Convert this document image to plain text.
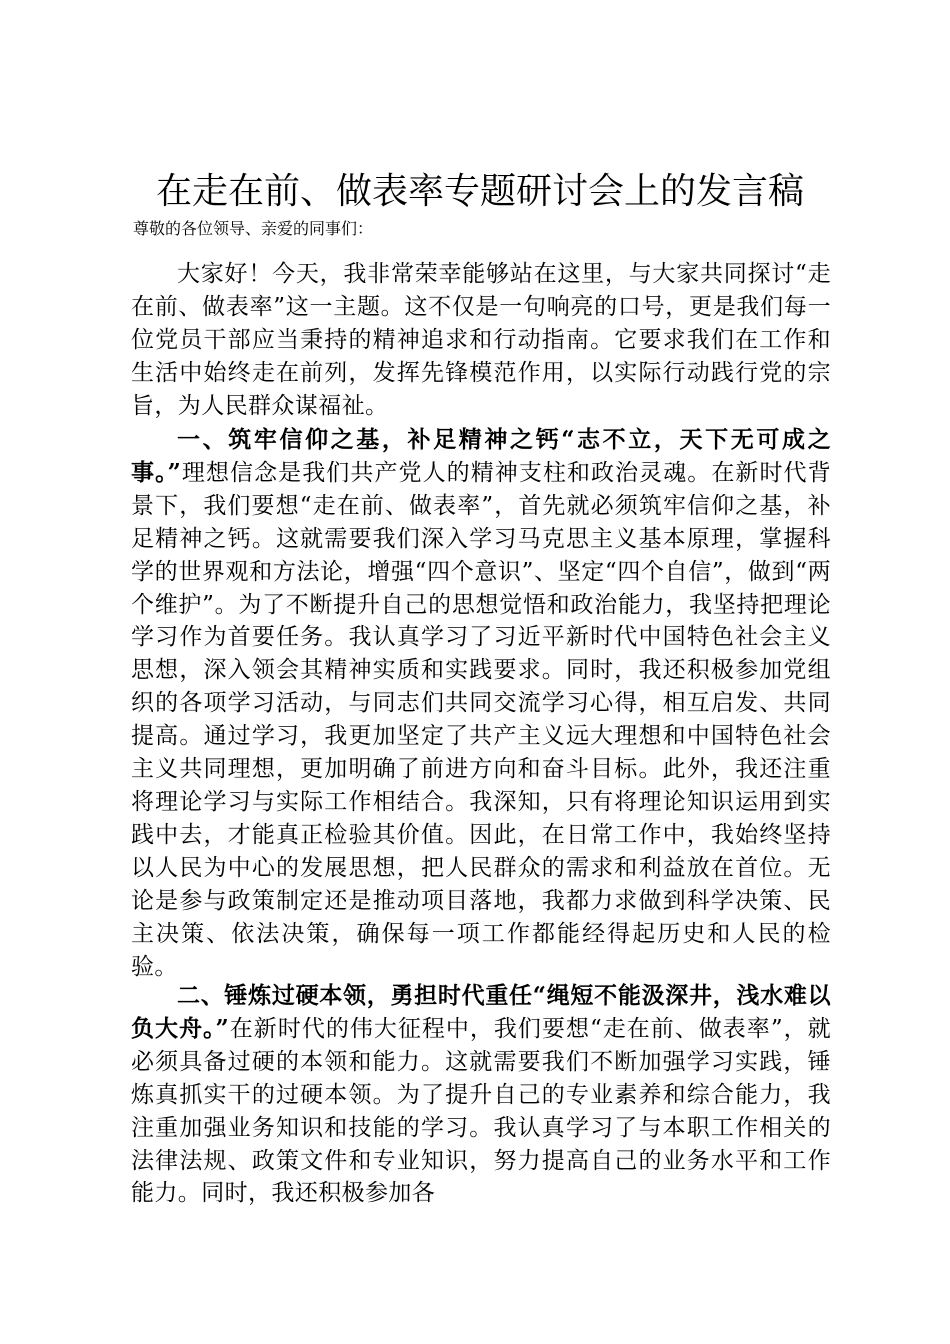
在走在前、做表率专题研讨会上的发言稿
尊敬的各位领导、亲爱的同事们：
大家好！今天，我非常荣幸能够站在这里，与大家共同探讨“走在前、做表率”这一主题。这不仅是一句响亮的口号，更是我们每一位党员干部应当秉持的精神追求和行动指南。它要求我们在工作和生活中始终走在前列，发挥先锋模范作用，以实际行动践行党的宗旨，为人民群众谋福祉。
一、筑牢信仰之基，补足精神之钙“志不立，天下无可成之事。”理想信念是我们共产党人的精神支柱和政治灵魂。在新时代背景下，我们要想“走在前、做表率”，首先就必须筑牢信仰之基，补足精神之钙。这就需要我们深入学习马克思主义基本原理，掌握科学的世界观和方法论，增强“四个意识”、坚定“四个自信”，做到“两个维护”。为了不断提升自己的思想觉悟和政治能力，我坚持把理论学习作为首要任务。我认真学习了习近平新时代中国特色社会主义思想，深入领会其精神实质和实践要求。同时，我还积极参加党组织的各项学习活动，与同志们共同交流学习心得，相互启发、共同提高。通过学习，我更加坚定了共产主义远大理想和中国特色社会主义共同理想，更加明确了前进方向和奋斗目标。此外，我还注重将理论学习与实际工作相结合。我深知，只有将理论知识运用到实践中去，才能真正检验其价值。因此，在日常工作中，我始终坚持以人民为中心的发展思想，把人民群众的需求和利益放在首位。无论是参与政策制定还是推动项目落地，我都力求做到科学决策、民主决策、依法决策，确保每一项工作都能经得起历史和人民的检验。
二、锤炼过硬本领，勇担时代重任“绳短不能汲深井，浅水难以负大舟。”在新时代的伟大征程中，我们要想“走在前、做表率”，就必须具备过硬的本领和能力。这就需要我们不断加强学习实践，锤炼真抓实干的过硬本领。为了提升自己的专业素养和综合能力，我注重加强业务知识和技能的学习。我认真学习了与本职工作相关的法律法规、政策文件和专业知识，努力提高自己的业务水平和工作能力。同时，我还积极参加各
